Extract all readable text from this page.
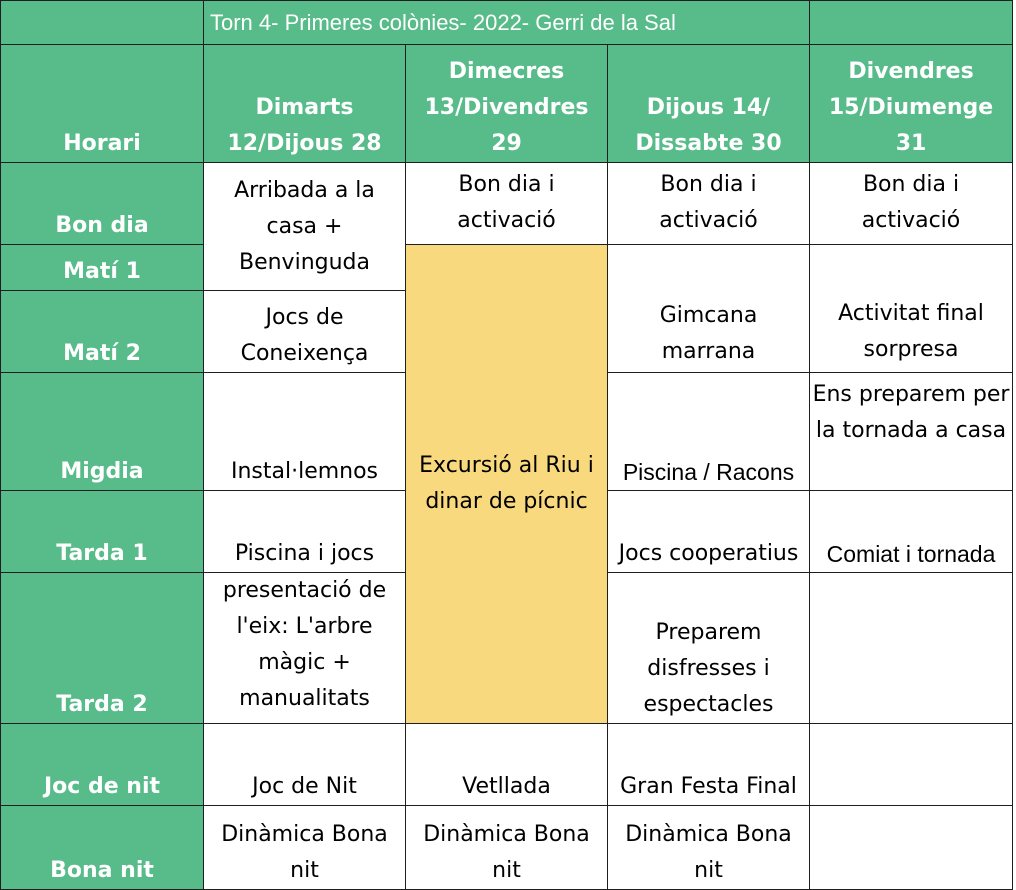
	Torn 4- Primeres colònies- 2022- Gerri de la Sal			
Horari	Dimarts 12/Dijous 28	Dimecres 13/Divendres 29	Dijous 14/ Dissabte 30	Divendres 15/Diumenge 31
Bon dia	Arribada a la casa + Benvinguda	Bon dia i activació	Bon dia i activació	Bon dia i activació
Matí 1		Excursió al Riu i dinar de pícnic	Gimcana marrana	Activitat final sorpresa
Matí 2	Jocs de Coneixença			
Migdia	Instal·lemnos		Piscina / Racons	Ens preparem per la tornada a casa
Tarda 1	Piscina i jocs		Jocs cooperatius	Comiat i tornada
Tarda 2	presentació de l'eix: L'arbre màgic + manualitats		Preparem disfresses i espectacles	
Joc de nit	Joc de Nit	Vetllada	Gran Festa Final	
Bona nit	Dinàmica Bona nit	Dinàmica Bona nit	Dinàmica Bona nit	
